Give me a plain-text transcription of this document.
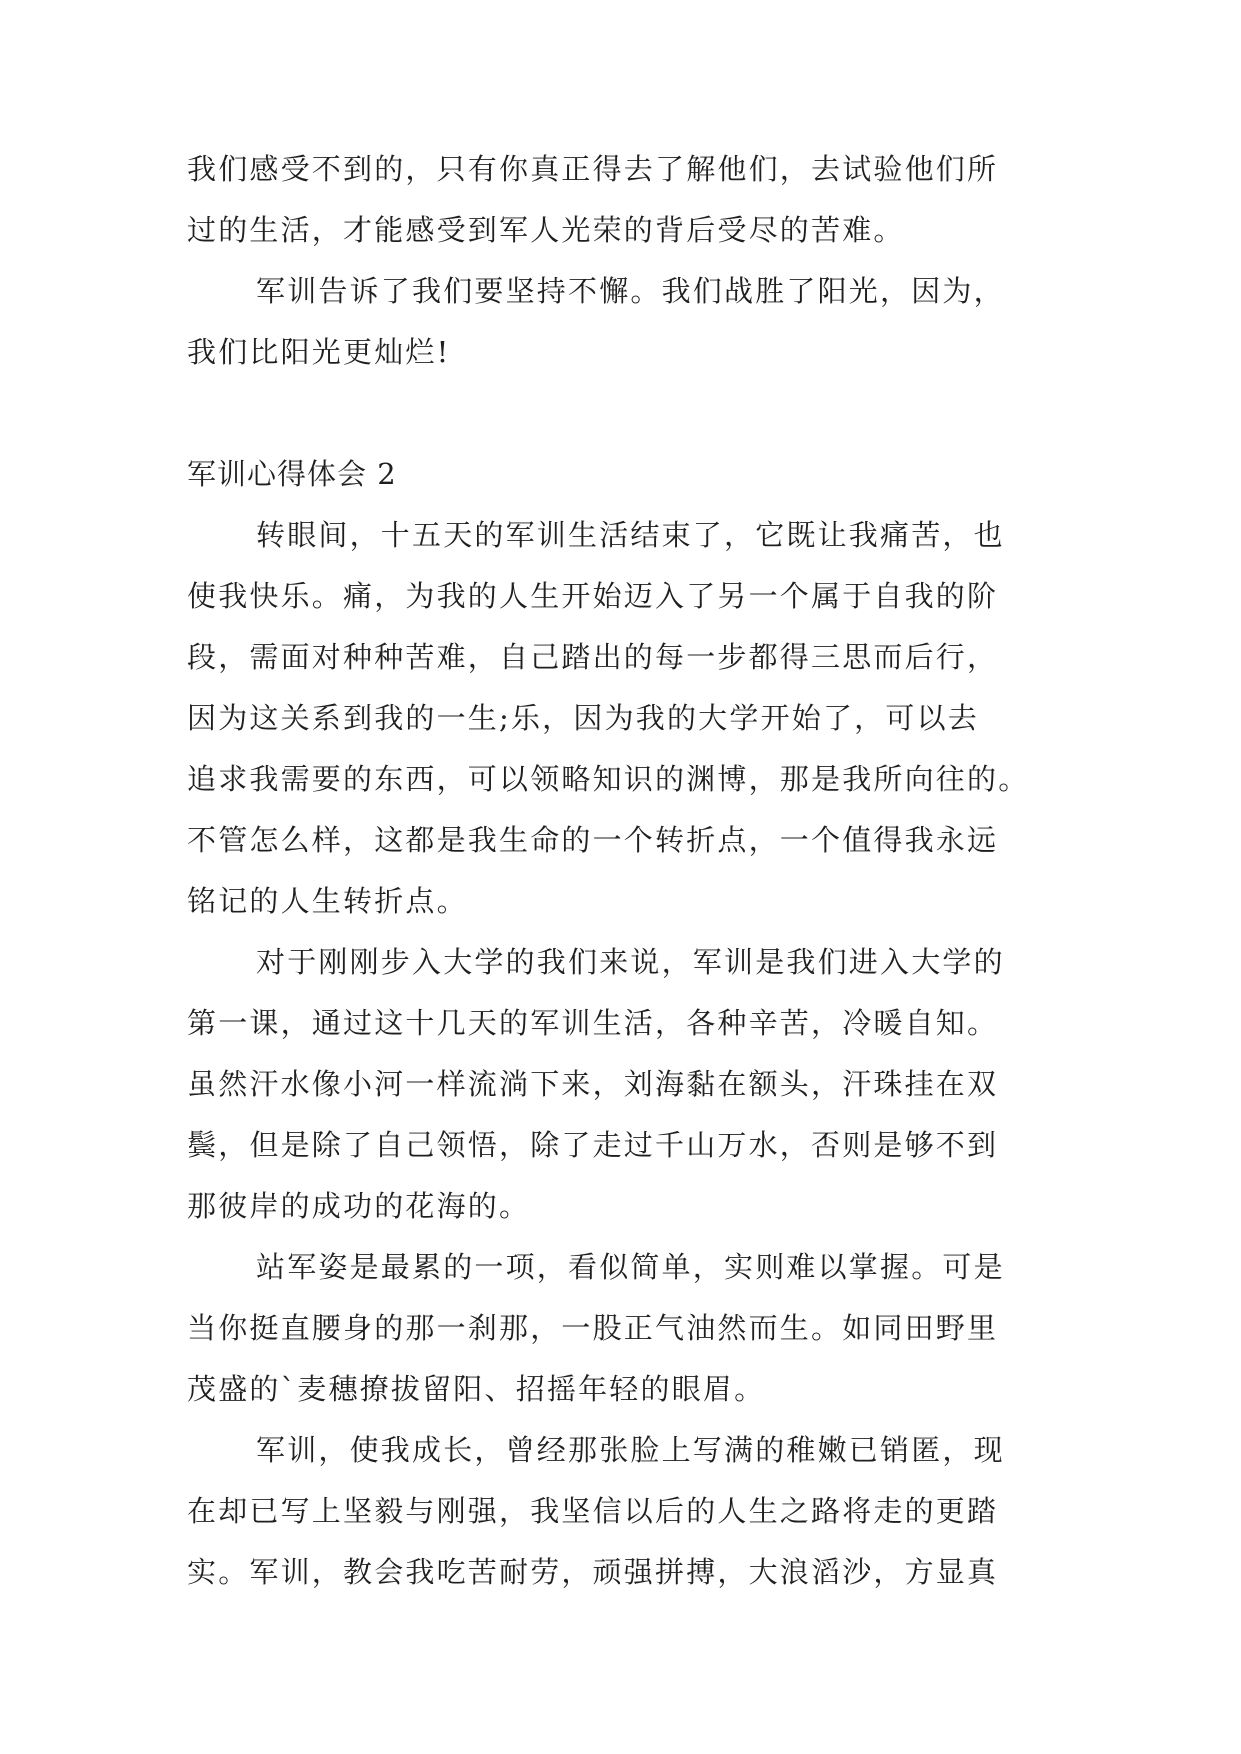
我们感受不到的，只有你真正得去了解他们，去试验他们所
过的生活，才能感受到军人光荣的背后受尽的苦难。
军训告诉了我们要坚持不懈。我们战胜了阳光，因为，
我们比阳光更灿烂!
军训心得体会 2
转眼间，十五天的军训生活结束了，它既让我痛苦，也
使我快乐。痛，为我的人生开始迈入了另一个属于自我的阶
段，需面对种种苦难，自己踏出的每一步都得三思而后行，
因为这关系到我的一生;乐，因为我的大学开始了，可以去
追求我需要的东西，可以领略知识的渊博，那是我所向往的。
不管怎么样，这都是我生命的一个转折点，一个值得我永远
铭记的人生转折点。
对于刚刚步入大学的我们来说，军训是我们进入大学的
第一课，通过这十几天的军训生活，各种辛苦，冷暖自知。
虽然汗水像小河一样流淌下来，刘海黏在额头，汗珠挂在双
鬓，但是除了自己领悟，除了走过千山万水，否则是够不到
那彼岸的成功的花海的。
站军姿是最累的一项，看似简单，实则难以掌握。可是
当你挺直腰身的那一刹那，一股正气油然而生。如同田野里
茂盛的`麦穗撩拔留阳、招摇年轻的眼眉。
军训，使我成长，曾经那张脸上写满的稚嫩已销匿，现
在却已写上坚毅与刚强，我坚信以后的人生之路将走的更踏
实。军训，教会我吃苦耐劳，顽强拼搏，大浪滔沙，方显真
